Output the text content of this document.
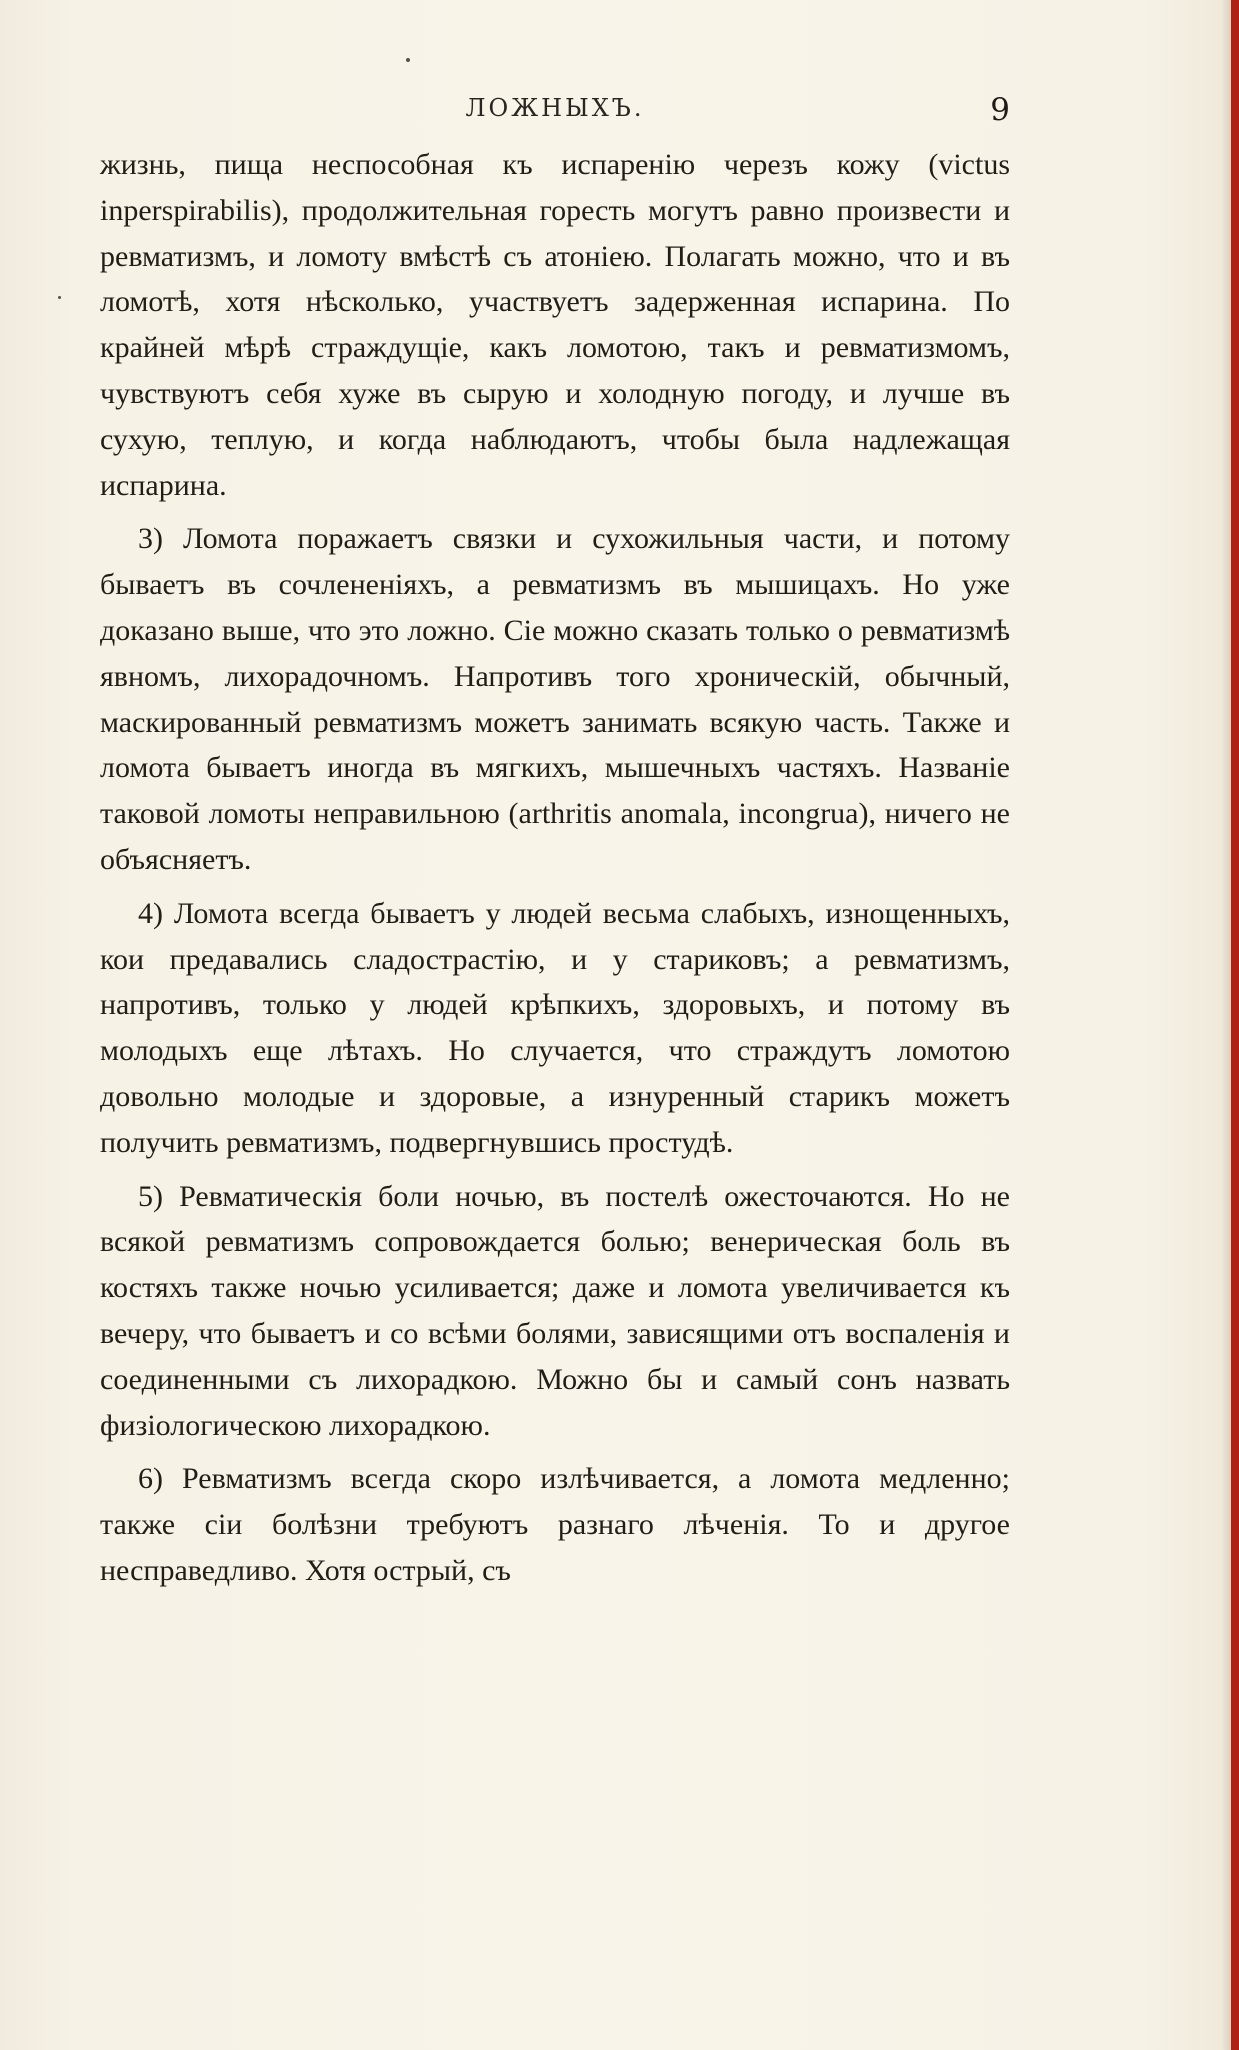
ЛОЖНЫХЪ.	9

жизнь, пища неспособная къ испаренію черезъ кожу (victus inperspirabilis), продолжительная горесть могутъ равно произвести и ревматизмъ, и ломоту вмѣстѣ съ атоніею. Полагать можно, что и въ ломотѣ, хотя нѣсколько, участвуетъ задерженная испарина. По крайней мѣрѣ страждущіе, какъ ломотою, такъ и ревматизмомъ, чувствуютъ себя хуже въ сырую и холодную погоду, и лучше въ сухую, теплую, и когда наблюдаютъ, чтобы была надлежащая испарина.

3) Ломота поражаетъ связки и сухожильныя части, и потому бываетъ въ сочлененіяхъ, а ревматизмъ въ мышицахъ. Но уже доказано выше, что это ложно. Сіе можно сказать только о ревматизмѣ явномъ, лихорадочномъ. Напротивъ того хроническій, обычный, маскированный ревматизмъ можетъ занимать всякую часть. Также и ломота бываетъ иногда въ мягкихъ, мышечныхъ частяхъ. Названіе таковой ломоты неправильною (arthritis anomala, incongrua), ничего не объясняетъ.

4) Ломота всегда бываетъ у людей весьма слабыхъ, изнощенныхъ, кои предавались сладострастію, и у стариковъ; а ревматизмъ, напротивъ, только у людей крѣпкихъ, здоровыхъ, и потому въ молодыхъ еще лѣтахъ. Но случается, что страждутъ ломотою довольно молодые и здоровые, а изнуренный старикъ можетъ получить ревматизмъ, подвергнувшись простудѣ.

5) Ревматическія боли ночью, въ постелѣ ожесточаются. Но не всякой ревматизмъ сопровождается болью; венерическая боль въ костяхъ также ночью усиливается; даже и ломота увеличивается къ вечеру, что бываетъ и со всѣми болями, зависящими отъ воспаленія и соединенными съ лихорадкою. Можно бы и самый сонъ назвать физіологическою лихорадкою.

6) Ревматизмъ всегда скоро излѣчивается, а ломота медленно; также сіи болѣзни требуютъ разнаго лѣченія. То и другое несправедливо. Хотя острый, съ
